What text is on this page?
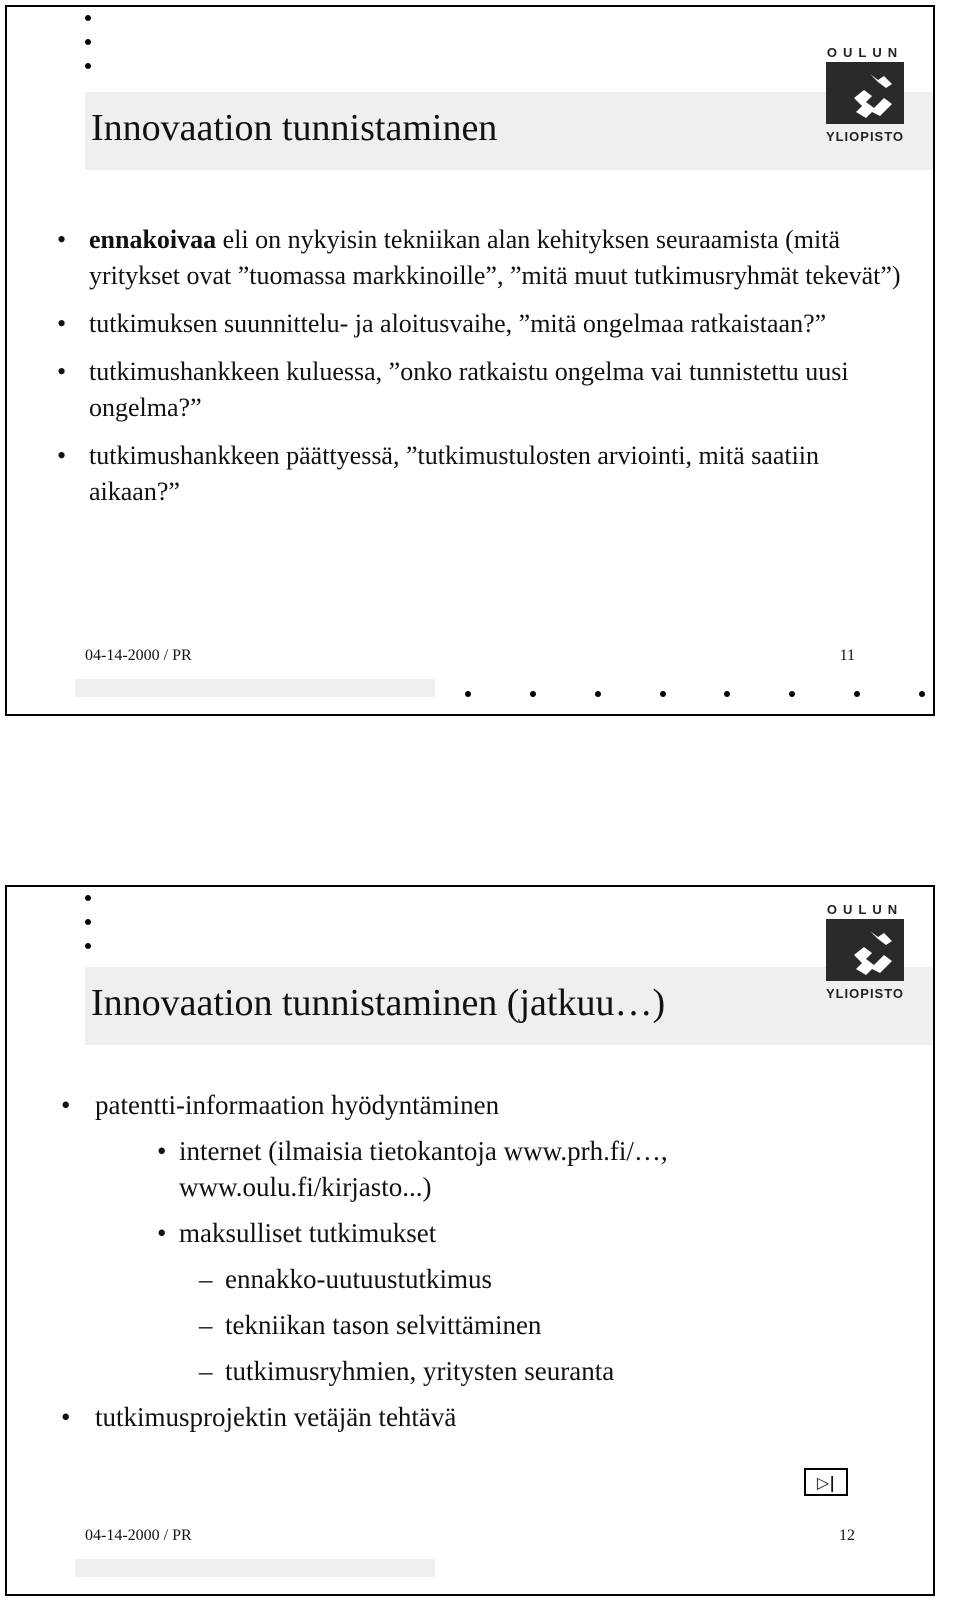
Innovaation tunnistaminen
OULUN
YLIOPISTO
• ennakoivaa eli on nykyisin tekniikan alan kehityksen seuraamista (mitä yritykset ovat ”tuomassa markkinoille”, ”mitä muut tutkimusryhmät tekevät”)
• tutkimuksen suunnittelu- ja aloitusvaihe, ”mitä ongelmaa ratkaistaan?”
• tutkimushankkeen kuluessa, ”onko ratkaistu ongelma vai tunnistettu uusi ongelma?”
• tutkimushankkeen päättyessä, ”tutkimustulosten arviointi, mitä saatiin aikaan?”
04-14-2000 / PR	11
Innovaation tunnistaminen (jatkuu…)
OULUN
YLIOPISTO
• patentti-informaation hyödyntäminen
• internet (ilmaisia tietokantoja www.prh.fi/…, www.oulu.fi/kirjasto...)
• maksulliset tutkimukset
– ennakko-uutuustutkimus
– tekniikan tason selvittäminen
– tutkimusryhmien, yritysten seuranta
• tutkimusprojektin vetäjän tehtävä
▷|
04-14-2000 / PR	12
